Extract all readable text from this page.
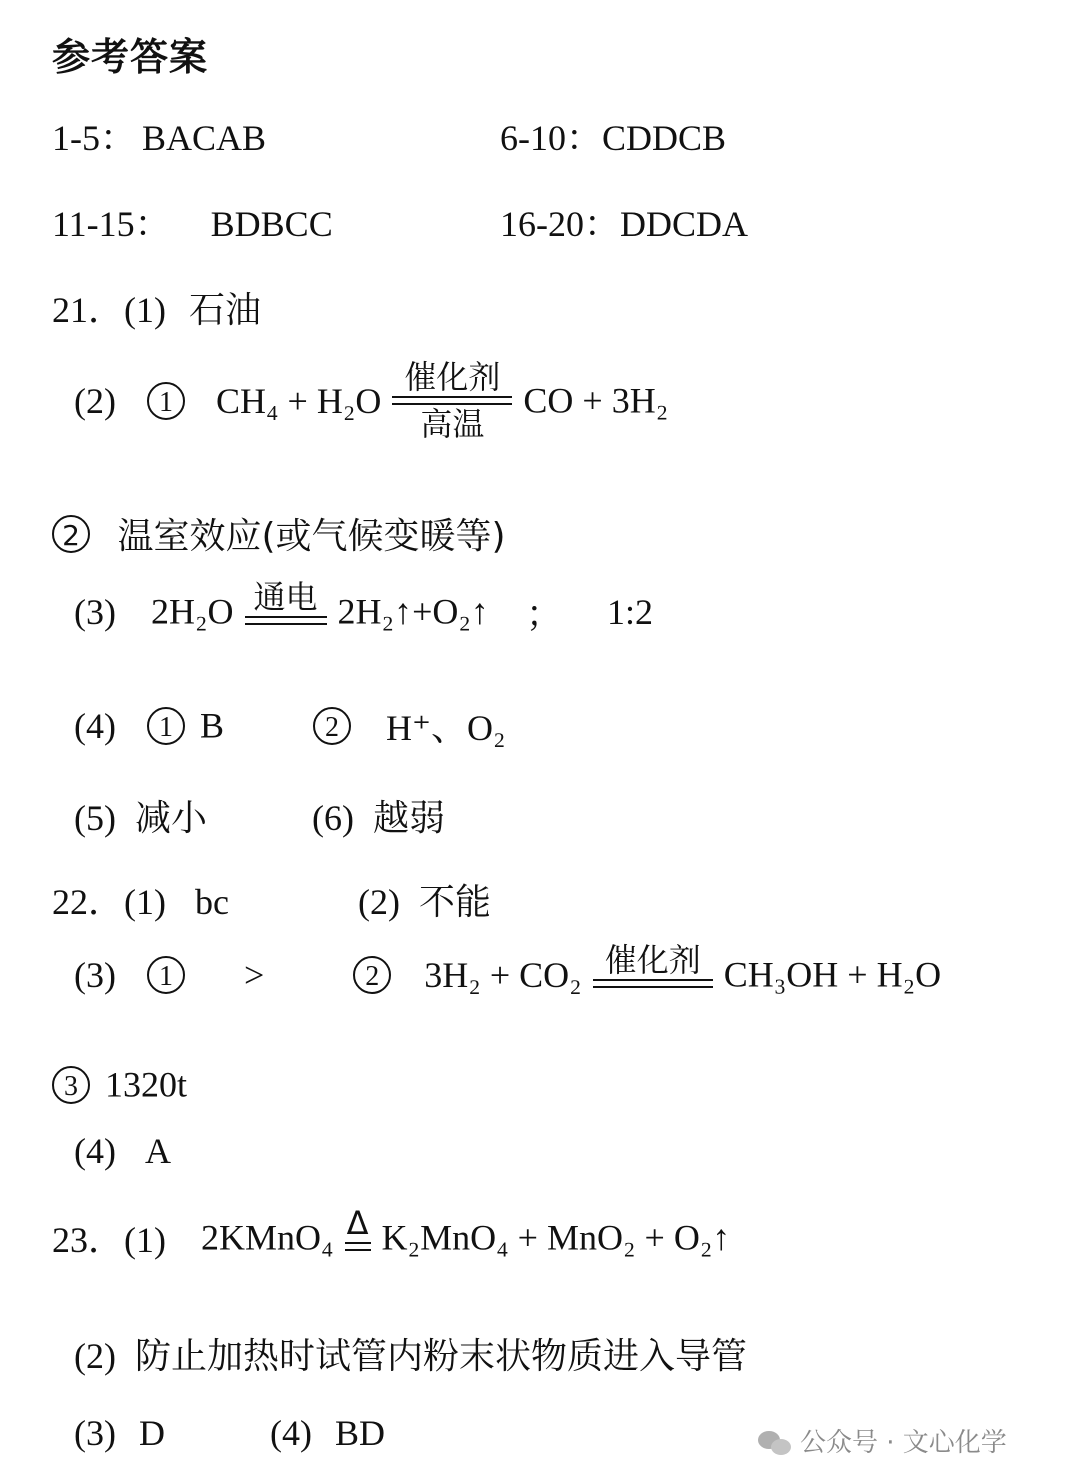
参考答案
1-5： BACAB	6-10：CDDCB
11-15： BDBCC	16-20：DDCDA
21．(1) 石油
(2) 1 CH₄ + H₂O
催化剂
高温
CO + 3H₂
2 温室效应(或气候变暖等)
(3) 2H₂O 通电 2H₂↑+O₂↑ ； 1:2
(4) 1 B	2 H⁺、O₂
(5) 减小	(6) 越弱
22．(1) bc	(2) 不能
(3) 1 >	2 3H₂ + CO₂ 催化剂 CH₃OH + H₂O
3 1320t
(4) A
23．(1) 2KMnO₄ Δ K₂MnO₄ + MnO₂ + O₂↑
(2) 防止加热时试管内粉末状物质进入导管
(3) D	(4) BD	公众号 · 文心化学
